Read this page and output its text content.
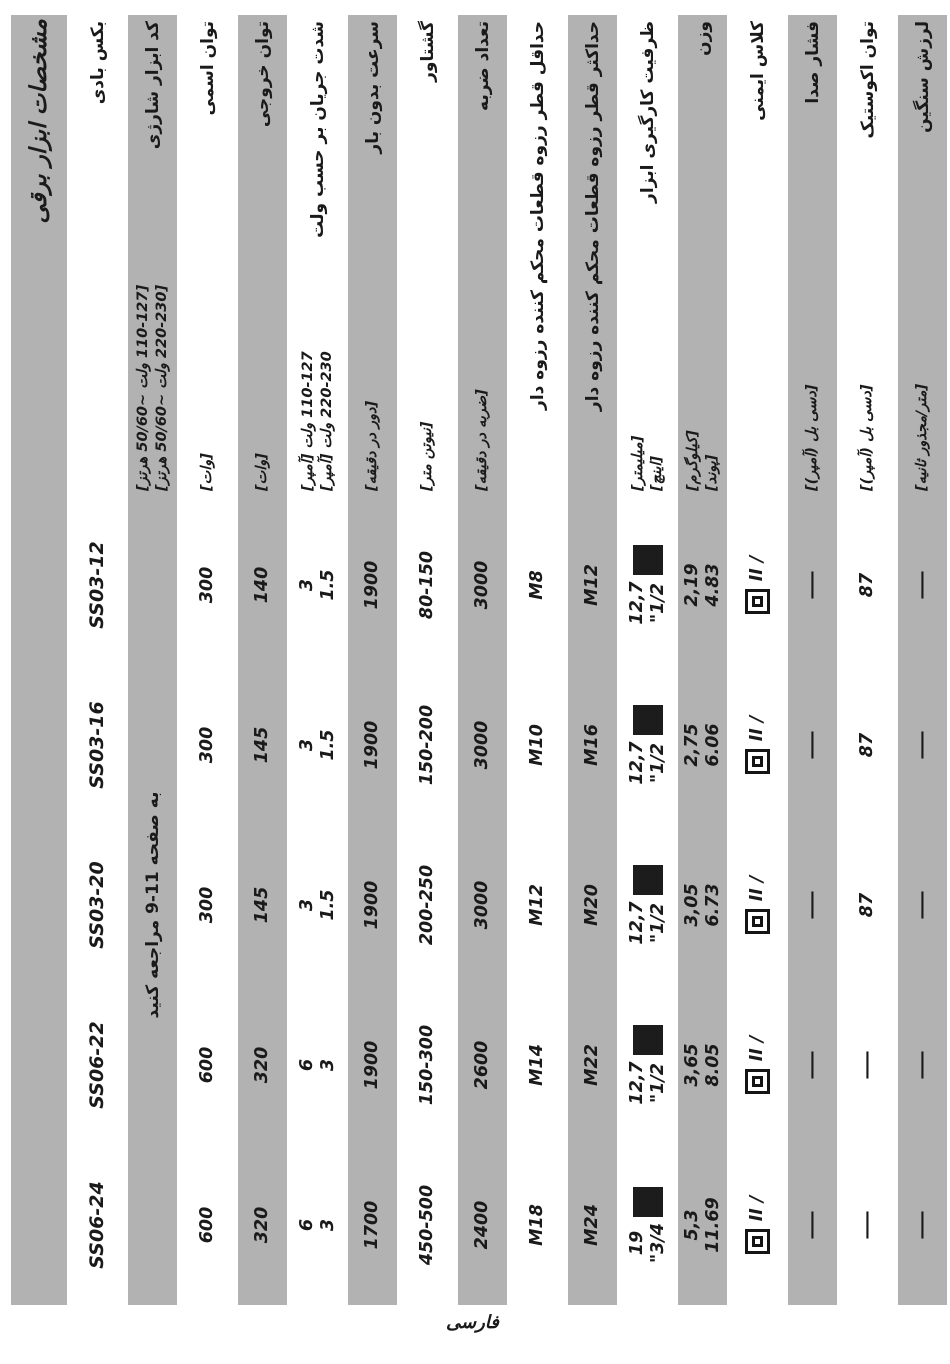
مشخصات ابزار برقی بکس بادی
SS03-12
SS03-16
SS03-20
SS06-22
SS06-24
کد ابزار شارژی
[110-127 ولت ~50/60 هرتز]
[220-230 ولت ~50/60 هرتز]
به صفحه 11-9 مراجعه کنید
توان اسمی
[وات]
300
300
300
600
600
توان خروجی
[وات]
140
145
145
320
320
شدت جریان بر حسب ولت
110-127 ولت [آمپر]
220-230 ولت [آمپر]
3 1.5
3 1.5
3 1.5
6 3
6 3
سرعت بدون بار
[دور در دقیقه]
1900
1900
1900
1900
1700
گشتاور
[نیوتن متر]
80-150
150-200
200-250
150-300
450-500
تعداد ضربه
[ضربه در دقیقه]
3000
3000
3000
2600
2400
حداقل قطر رزوه قطعات محکم کننده رزوه دار
M8
M10
M12
M14
M18
حداکثر قطر رزوه قطعات محکم کننده رزوه دار
M12
M16
M20
M22
M24
ظرفیت کارگیری ابزار
[میلیمتر] [اینچ]
12,7 1/2"
12,7 1/2"
12,7 1/2"
12,7 1/2"
19
3/4"
وزن
[کیلوگرم] [پوند]
2,19 4.83
2,75 6.06
3,05 6.73
3,65 8.05
5,3 11.69
کلاس ایمنی
/ II
/ II
/ II
/ II
/ II
فشار صدا
[دسی بل (آمپر)]
—
—
—
—
—
توان اکوستیک
[دسی بل (آمپر)]
87
87
87
—
—
لرزش سنگین
[متر/مجذور ثانیه]
—
—
—
—
—
فارسی
